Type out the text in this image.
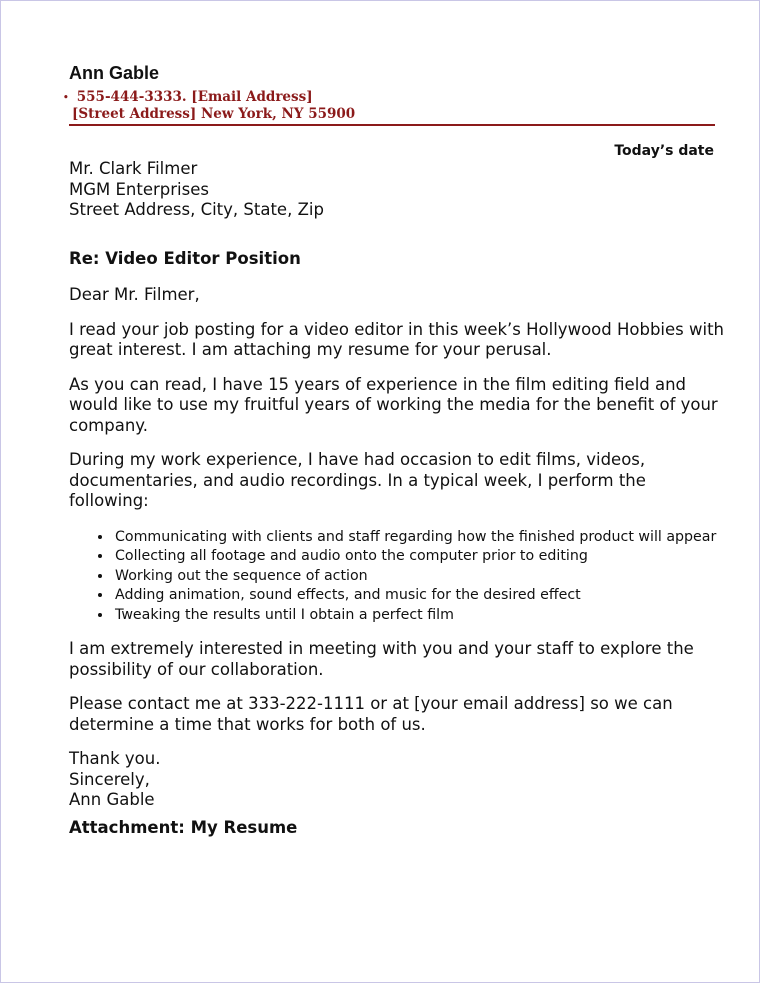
Ann Gable
• 555-444-3333. [Email Address]
[Street Address] New York, NY 55900
Today’s date

Mr. Clark Filmer
MGM Enterprises
Street Address, City, State, Zip

Re: Video Editor Position

Dear Mr. Filmer,

I read your job posting for a video editor in this week’s Hollywood Hobbies with great interest. I am attaching my resume for your perusal.

As you can read, I have 15 years of experience in the film editing field and would like to use my fruitful years of working the media for the benefit of your company.

During my work experience, I have had occasion to edit films, videos, documentaries, and audio recordings. In a typical week, I perform the following:

• Communicating with clients and staff regarding how the finished product will appear
• Collecting all footage and audio onto the computer prior to editing
• Working out the sequence of action
• Adding animation, sound effects, and music for the desired effect
• Tweaking the results until I obtain a perfect film

I am extremely interested in meeting with you and your staff to explore the possibility of our collaboration.

Please contact me at 333-222-1111 or at [your email address] so we can determine a time that works for both of us.

Thank you.
Sincerely,
Ann Gable

Attachment: My Resume
